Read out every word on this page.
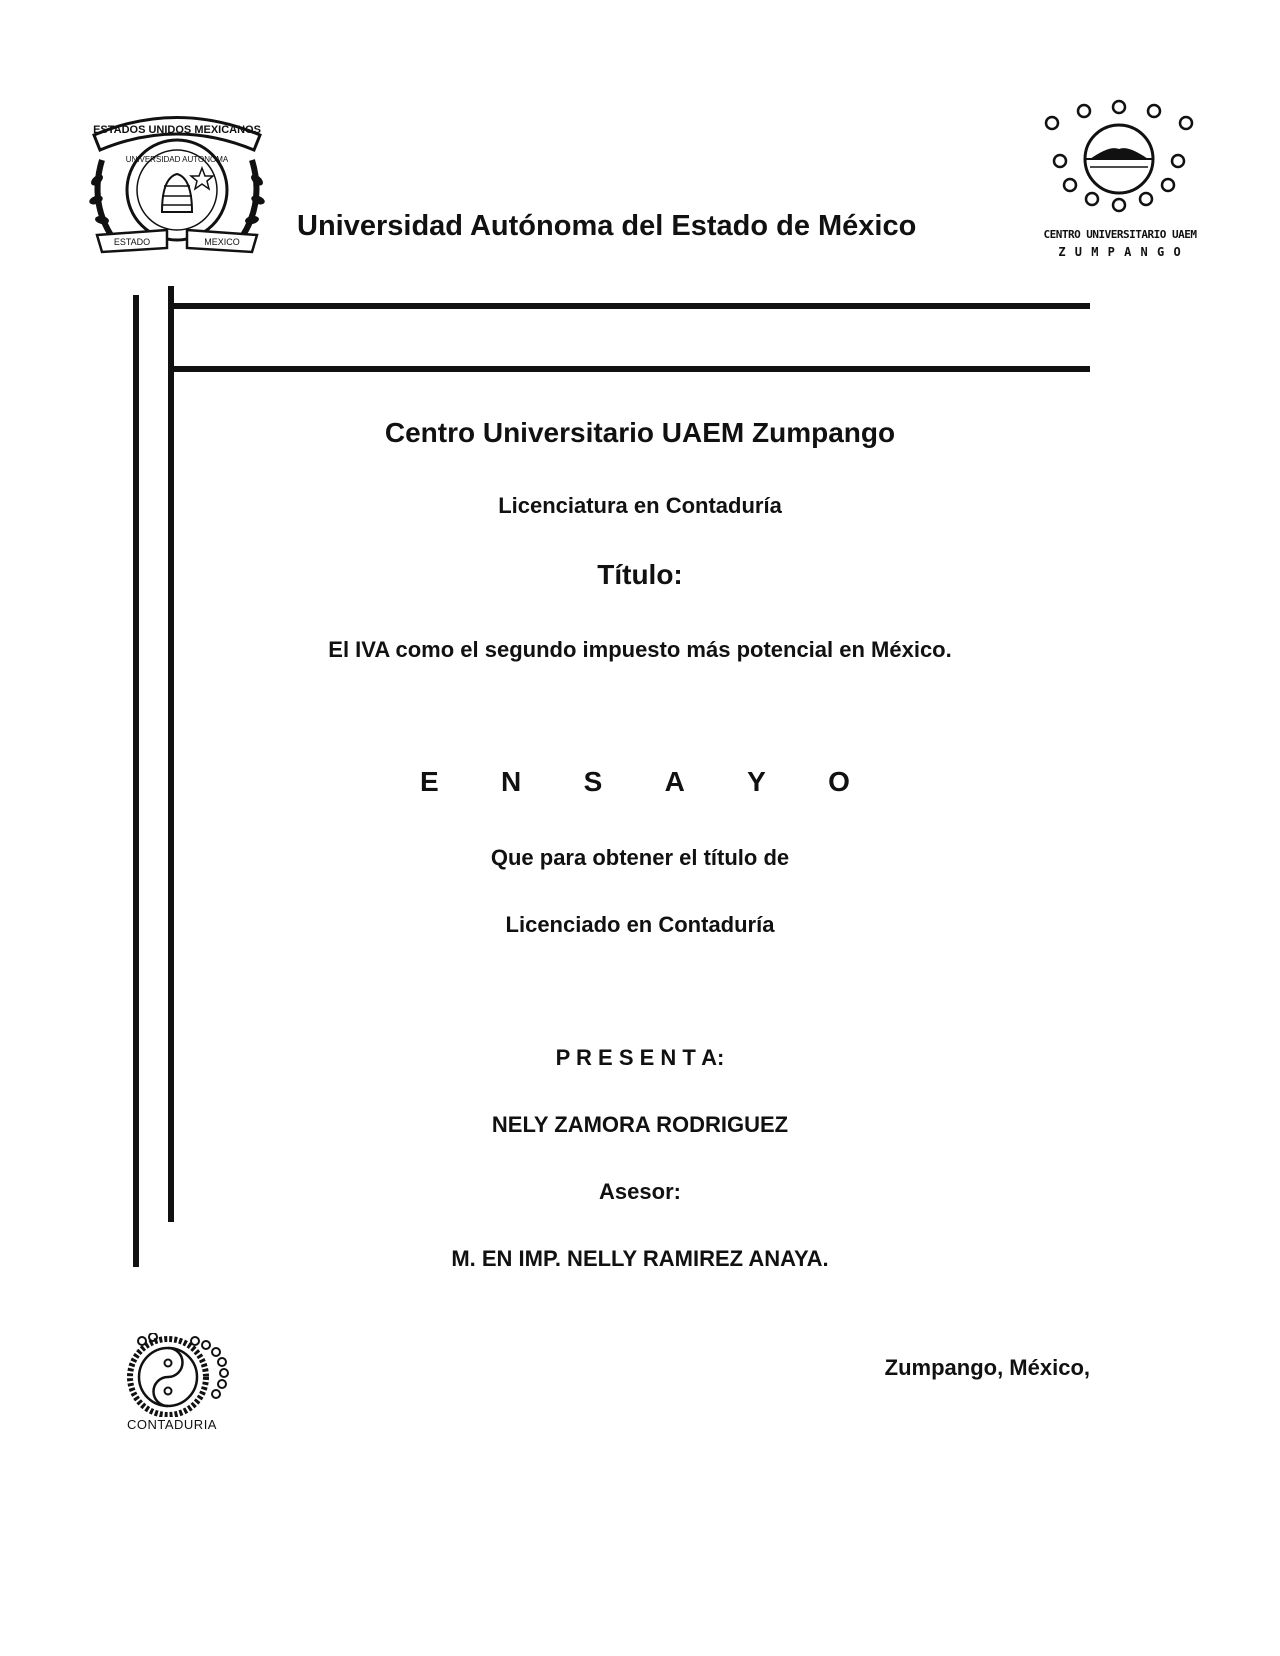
ESTADOS UNIDOS MEXICANOS
UNIVERSIDAD AUTONOMA
ESTADO	MEXICO Universidad Autónoma del Estado de México	CENTRO UNIVERSITARIO UAEM
Z U M P A N G O
Centro Universitario UAEM Zumpango
Licenciatura en Contaduría
Título:
El IVA como el segundo impuesto más potencial en México.
E N S A Y O
Que para obtener el título de
Licenciado en Contaduría
P R E S E N T A:
NELY ZAMORA RODRIGUEZ
Asesor:
M. EN IMP. NELLY RAMIREZ ANAYA.
CONTADURIA
Zumpango, México,
